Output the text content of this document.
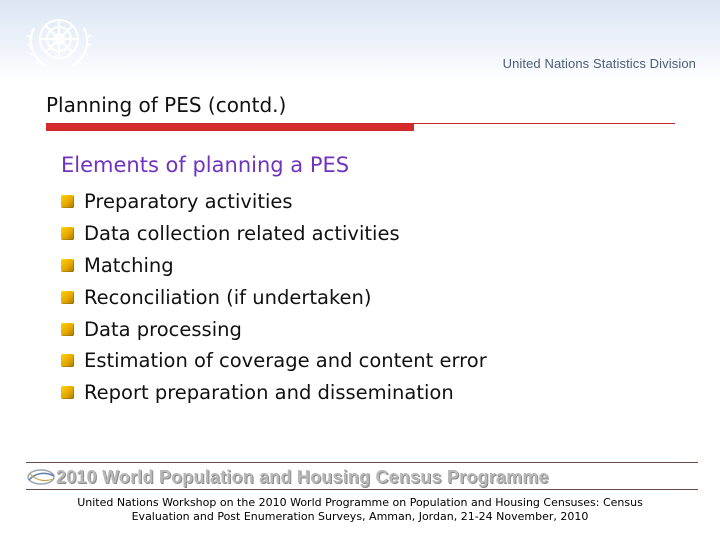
United Nations Statistics Division
Planning of PES (contd.)
Elements of planning a PES
Preparatory activities
Data collection related activities
Matching
Reconciliation (if undertaken)
Data processing
Estimation of coverage and content error
Report preparation and dissemination
2010 World Population and Housing Census Programme
United Nations Workshop on the 2010 World Programme on Population and Housing Censuses: Census
Evaluation and Post Enumeration Surveys, Amman, Jordan, 21-24 November, 2010
